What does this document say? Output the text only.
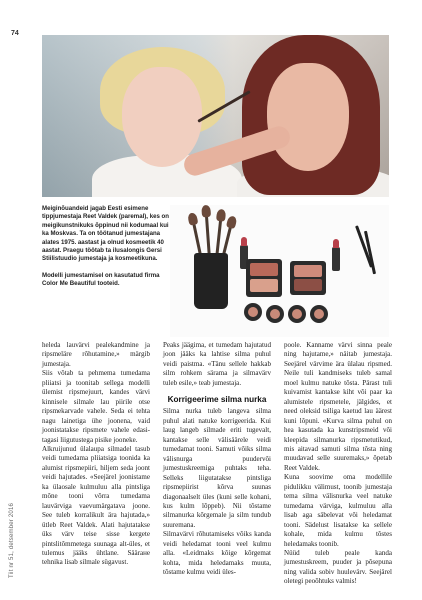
74
Tiit nr 51, detsember 2016

Meiginõuandeid jagab Eesti esimene tippjumestaja Reet Valdek (paremal), kes on meigikunstnikuks õppinud nii kodumaal kui ka Moskvas. Ta on töötanud jumestajana alates 1975. aastast ja olnud kosmeetik 40 aastat. Praegu töötab ta ilusalongis Gersi Stiilistuudio jumestaja ja kosmeetikuna.

Modelli jumestamisel on kasutatud firma Color Me Beautiful tooteid.

heleda lauvärvi pealekandmine ja ripsmeläre rõhutamine,» märgib jumestaja.

Siis võtab ta pehmema tumedama pliiatsi ja toonitab sellega modelli ülemist ripsmejuurt, kandes värvi kinnisele silmale lau piirile otse ripsmekarvade vahele. Seda ei tehta nagu lainetiga ühe joonena, vaid joonistatakse ripsmete vahele edasi-tagasi liigutustega pisike jooneke.

Alkruijunud ülalaupa silmadel tasub veidi tumedama pliiatsiga toonida ka alumist ripsmepiiri, hiljem seda joont veidi hajutades. «Seejärel joonistame ka ülaosale kulmuluu alla pintsliga mõne tooni võrra tumedama lauvärviga vaevumärgatava joone. See tuleb korralikult ära hajutada,» ütleb Reet Valdek. Alati hajutatakse üks värv teise sisse kergete pintslitõmmetega suunaga alt-üles, et tulemus jääks ühtlane. Sääraне tehnika lisab silmale sügavust.

Peaks jäägima, et tumedam hajutatud joon jääks ka lahtise silma puhul veidi paistma. «Tänu sellele hakkab silm rohkem särama ja silmavärv tuleb esile,» teab jumestaja.

Korrigeerime silma nurka

Silma nurka tuleb langeva silma puhul alati natuke korrigeerida. Kui laug langeb silmade eriti tugevalt, kantakse selle välisäärele veidi tumedamat tooni. Samuti võiks silma välisnurga puudervõi jumestuskreemiga puhtaks teha. Selleks liigutatakse pintsliga ripsmepiirist kõrva suunas diagonaalselt üles (kuni selle kohani, kus kulm lõppeb). Nii tõstame silmanurka kõrgemale ja silm tundub suuremana.

Silmavärvi rõhutamiseks võiks kanda veidi heledamat tooni veel kulmu alla. «Leidmaks kõige kõrgemat kohta, mida heledamaks muuta, tõstame kulmu veidi üles-

poole. Kanname värvi sinna peale ning hajutame,» näitab jumestaja. Seejärel värvime ära ülalau ripsmed. Neile tuli kandmiseks tuleb samal moel kulmu natuke tõsta. Pärast tuli kuivamist kantakse kiht või paar ka alumistele ripsmetele, jälgides, et need oleksid tsiliga kaetud lau äärest kuni lõpuni. «Kurva silma puhul on hea kasutada ka kunstripsmeid või kleepida silmanurka ripsmetutikud, mis aitavad samuti silma tõsta ning muudavad selle suuremaks,» õpetab Reet Valdek.

Kuna soovime oma modellile pidulikku välimust, toonib jumestaja tema silma välisnurka veel natuke tumedama värviga, kulmuluu alla lisab aga säbelevat või heledamat tooni. Sädelust lisatakse ka sellele kohale, mida kulmu tõstes heledamaks toonib.

Nüüd tuleb peale kanda jumestuskreem, puuder ja põsepuna ning valida sobiv huulevärv. Seejärel oletegi peoõhtuks valmis!
